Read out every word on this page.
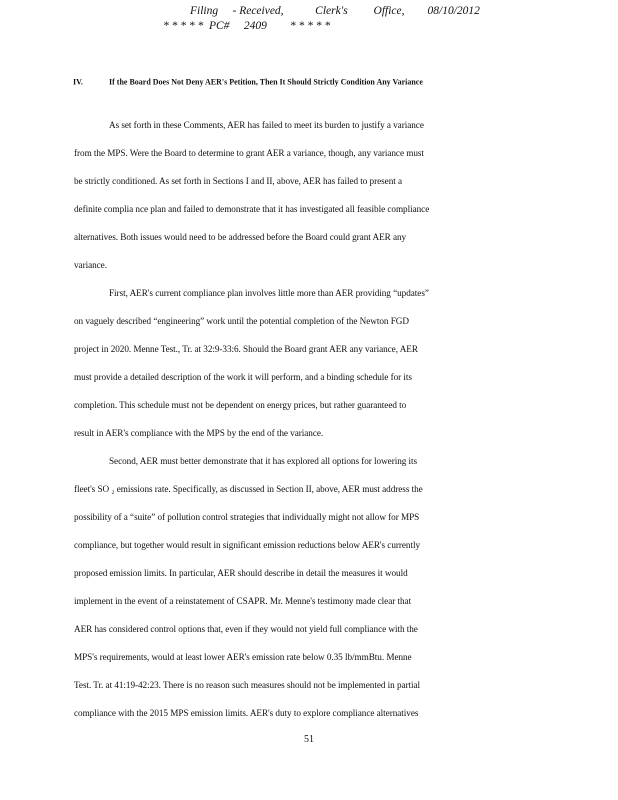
Filing     - Received,           Clerk's         Office,        08/10/2012
* * * * *  PC#     2409        * * * * *
IV.	If the Board Does Not Deny AER's Petition, Then It Should Strictly Condition Any Variance

As set forth in these Comments, AER has failed to meet its burden to justify a variance

from the MPS. Were the Board to determine to grant AER a variance, though, any variance must

be strictly conditioned. As set forth in Sections I and II, above, AER has failed to present a

definite complia nce plan and failed to demonstrate that it has investigated all feasible compliance

alternatives. Both issues would need to be addressed before the Board could grant AER any

variance.

First, AER's current compliance plan involves little more than AER providing “updates”

on vaguely described “engineering” work until the potential completion of the Newton FGD

project in 2020. Menne Test., Tr. at 32:9-33:6. Should the Board grant AER any variance, AER

must provide a detailed description of the work it will perform, and a binding schedule for its

completion. This schedule must not be dependent on energy prices, but rather guaranteed to

result in AER's compliance with the MPS by the end of the variance.

Second, AER must better demonstrate that it has explored all options for lowering its

fleet's SO ₂ emissions rate. Specifically, as discussed in Section II, above, AER must address the

possibility of a “suite” of pollution control strategies that individually might not allow for MPS

compliance, but together would result in significant emission reductions below AER's currently

proposed emission limits. In particular, AER should describe in detail the measures it would

implement in the event of a reinstatement of CSAPR. Mr. Menne's testimony made clear that

AER has considered control options that, even if they would not yield full compliance with the

MPS's requirements, would at least lower AER's emission rate below 0.35 lb/mmBtu. Menne

Test. Tr. at 41:19-42:23. There is no reason such measures should not be implemented in partial

compliance with the 2015 MPS emission limits. AER's duty to explore compliance alternatives

51
